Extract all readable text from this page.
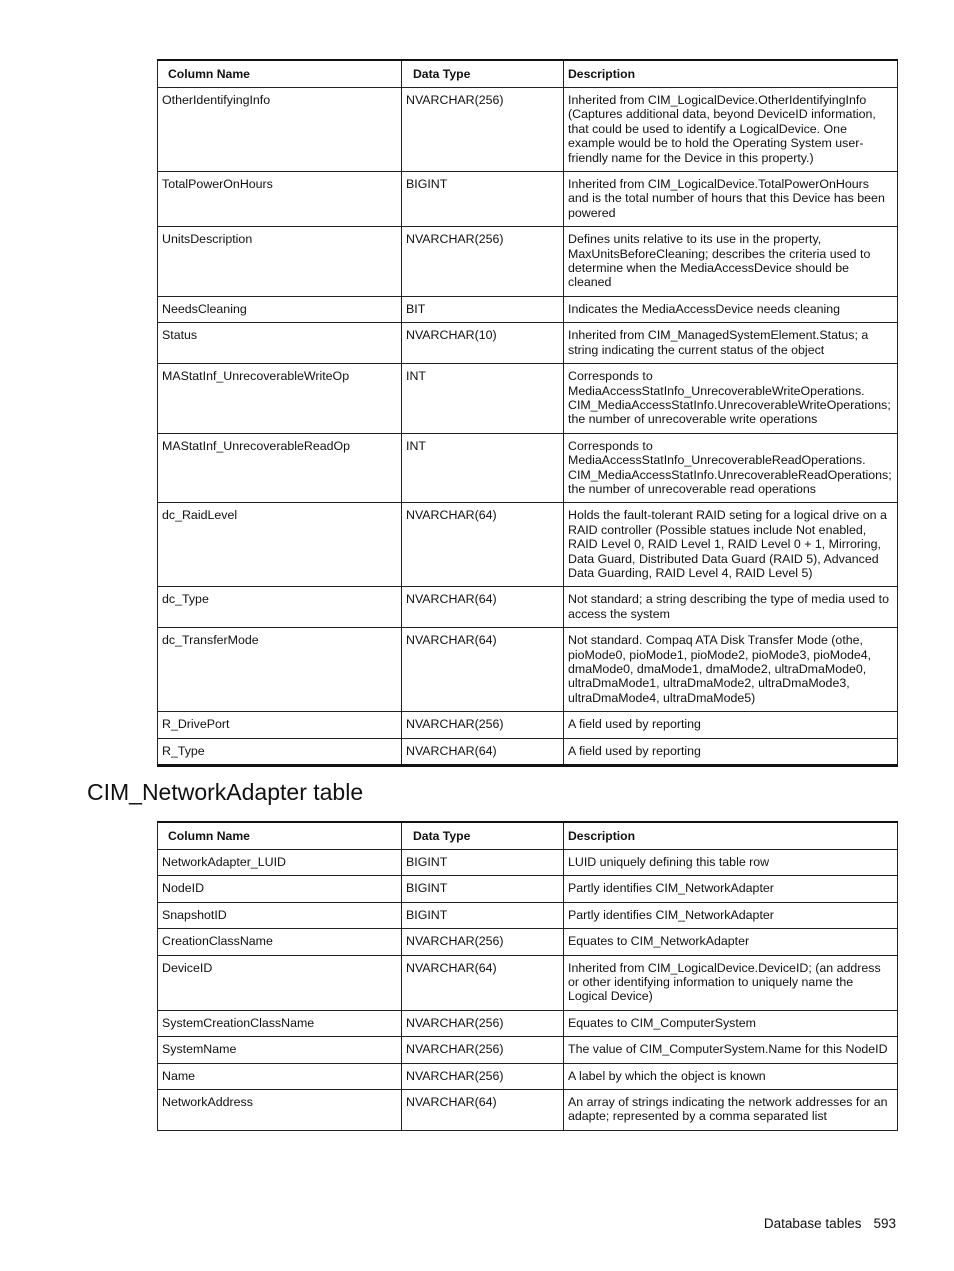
Column Name	Data Type	Description
OtherIdentifyingInfo	NVARCHAR(256)	Inherited from CIM_LogicalDevice.OtherIdentifyingInfo (Captures additional data, beyond DeviceID information, that could be used to identify a LogicalDevice. One example would be to hold the Operating System user-friendly name for the Device in this property.)
TotalPowerOnHours	BIGINT	Inherited from CIM_LogicalDevice.TotalPowerOnHours and is the total number of hours that this Device has been powered
UnitsDescription	NVARCHAR(256)	Defines units relative to its use in the property, MaxUnitsBeforeCleaning; describes the criteria used to determine when the MediaAccessDevice should be cleaned
NeedsCleaning	BIT	Indicates the MediaAccessDevice needs cleaning
Status	NVARCHAR(10)	Inherited from CIM_ManagedSystemElement.Status; a string indicating the current status of the object
MAStatInf_UnrecoverableWriteOp	INT	Corresponds to MediaAccessStatInfo_UnrecoverableWriteOperations. CIM_MediaAccessStatInfo.UnrecoverableWriteOperations; the number of unrecoverable write operations
MAStatInf_UnrecoverableReadOp	INT	Corresponds to MediaAccessStatInfo_UnrecoverableReadOperations. CIM_MediaAccessStatInfo.UnrecoverableReadOperations; the number of unrecoverable read operations
dc_RaidLevel	NVARCHAR(64)	Holds the fault-tolerant RAID seting for a logical drive on a RAID controller (Possible statues include Not enabled, RAID Level 0, RAID Level 1, RAID Level 0 + 1, Mirroring, Data Guard, Distributed Data Guard (RAID 5), Advanced Data Guarding, RAID Level 4, RAID Level 5)
dc_Type	NVARCHAR(64)	Not standard; a string describing the type of media used to access the system
dc_TransferMode	NVARCHAR(64)	Not standard. Compaq ATA Disk Transfer Mode (othe, pioMode0, pioMode1, pioMode2, pioMode3, pioMode4, dmaMode0, dmaMode1, dmaMode2, ultraDmaMode0, ultraDmaMode1, ultraDmaMode2, ultraDmaMode3, ultraDmaMode4, ultraDmaMode5)
R_DrivePort	NVARCHAR(256)	A field used by reporting
R_Type	NVARCHAR(64)	A field used by reporting
CIM_NetworkAdapter table
Column Name	Data Type	Description
NetworkAdapter_LUID	BIGINT	LUID uniquely defining this table row
NodeID	BIGINT	Partly identifies CIM_NetworkAdapter
SnapshotID	BIGINT	Partly identifies CIM_NetworkAdapter
CreationClassName	NVARCHAR(256)	Equates to CIM_NetworkAdapter
DeviceID	NVARCHAR(64)	Inherited from CIM_LogicalDevice.DeviceID; (an address or other identifying information to uniquely name the Logical Device)
SystemCreationClassName	NVARCHAR(256)	Equates to CIM_ComputerSystem
SystemName	NVARCHAR(256)	The value of CIM_ComputerSystem.Name for this NodeID
Name	NVARCHAR(256)	A label by which the object is known
NetworkAddress	NVARCHAR(64)	An array of strings indicating the network addresses for an adapte; represented by a comma separated list
Database tables 593
